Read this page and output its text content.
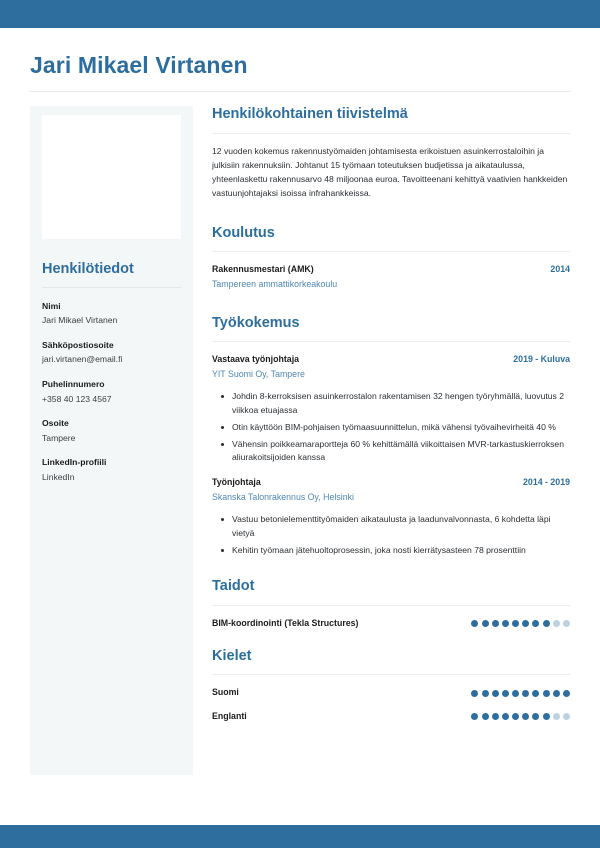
Jari Mikael Virtanen
Henkilötiedot
Nimi
Jari Mikael Virtanen
Sähköpostiosoite
jari.virtanen@email.fi
Puhelinnumero
+358 40 123 4567
Osoite
Tampere
LinkedIn-profiili
LinkedIn
Henkilökohtainen tiivistelmä

12 vuoden kokemus rakennustyömaiden johtamisesta erikoistuen asuinkerrostaloihin ja julkisiin rakennuksiin. Johtanut 15 työmaan toteutuksen budjetissa ja aikataulussa, yhteenlaskettu rakennusarvo 48 miljoonaa euroa. Tavoitteenani kehittyä vaativien hankkeiden vastuunjohtajaksi isoissa infrahankkeissa.

Koulutus
Rakennusmestari (AMK)	2014
Tampereen ammattikorkeakoulu
Työkokemus
Vastaava työnjohtaja	2019 - Kuluva
YIT Suomi Oy, Tampere
Johdin 8-kerroksisen asuinkerrostalon rakentamisen 32 hengen työryhmällä, luovutus 2 viikkoa etuajassa
Otin käyttöön BIM-pohjaisen työmaasuunnittelun, mikä vähensi työvaihevirheitä 40 %
Vähensin poikkeamaraportteja 60 % kehittämällä viikoittaisen MVR-tarkastuskierroksen aliurakoitsijoiden kanssa
Työnjohtaja	2014 - 2019
Skanska Talonrakennus Oy, Helsinki
Vastuu betonielementtityömaiden aikataulusta ja laadunvalvonnasta, 6 kohdetta läpi vietyä
Kehitin työmaan jätehuoltoprosessin, joka nosti kierrätysasteen 78 prosenttiin
Taidot
BIM-koordinointi (Tekla Structures)
Kielet
Suomi
Englanti
